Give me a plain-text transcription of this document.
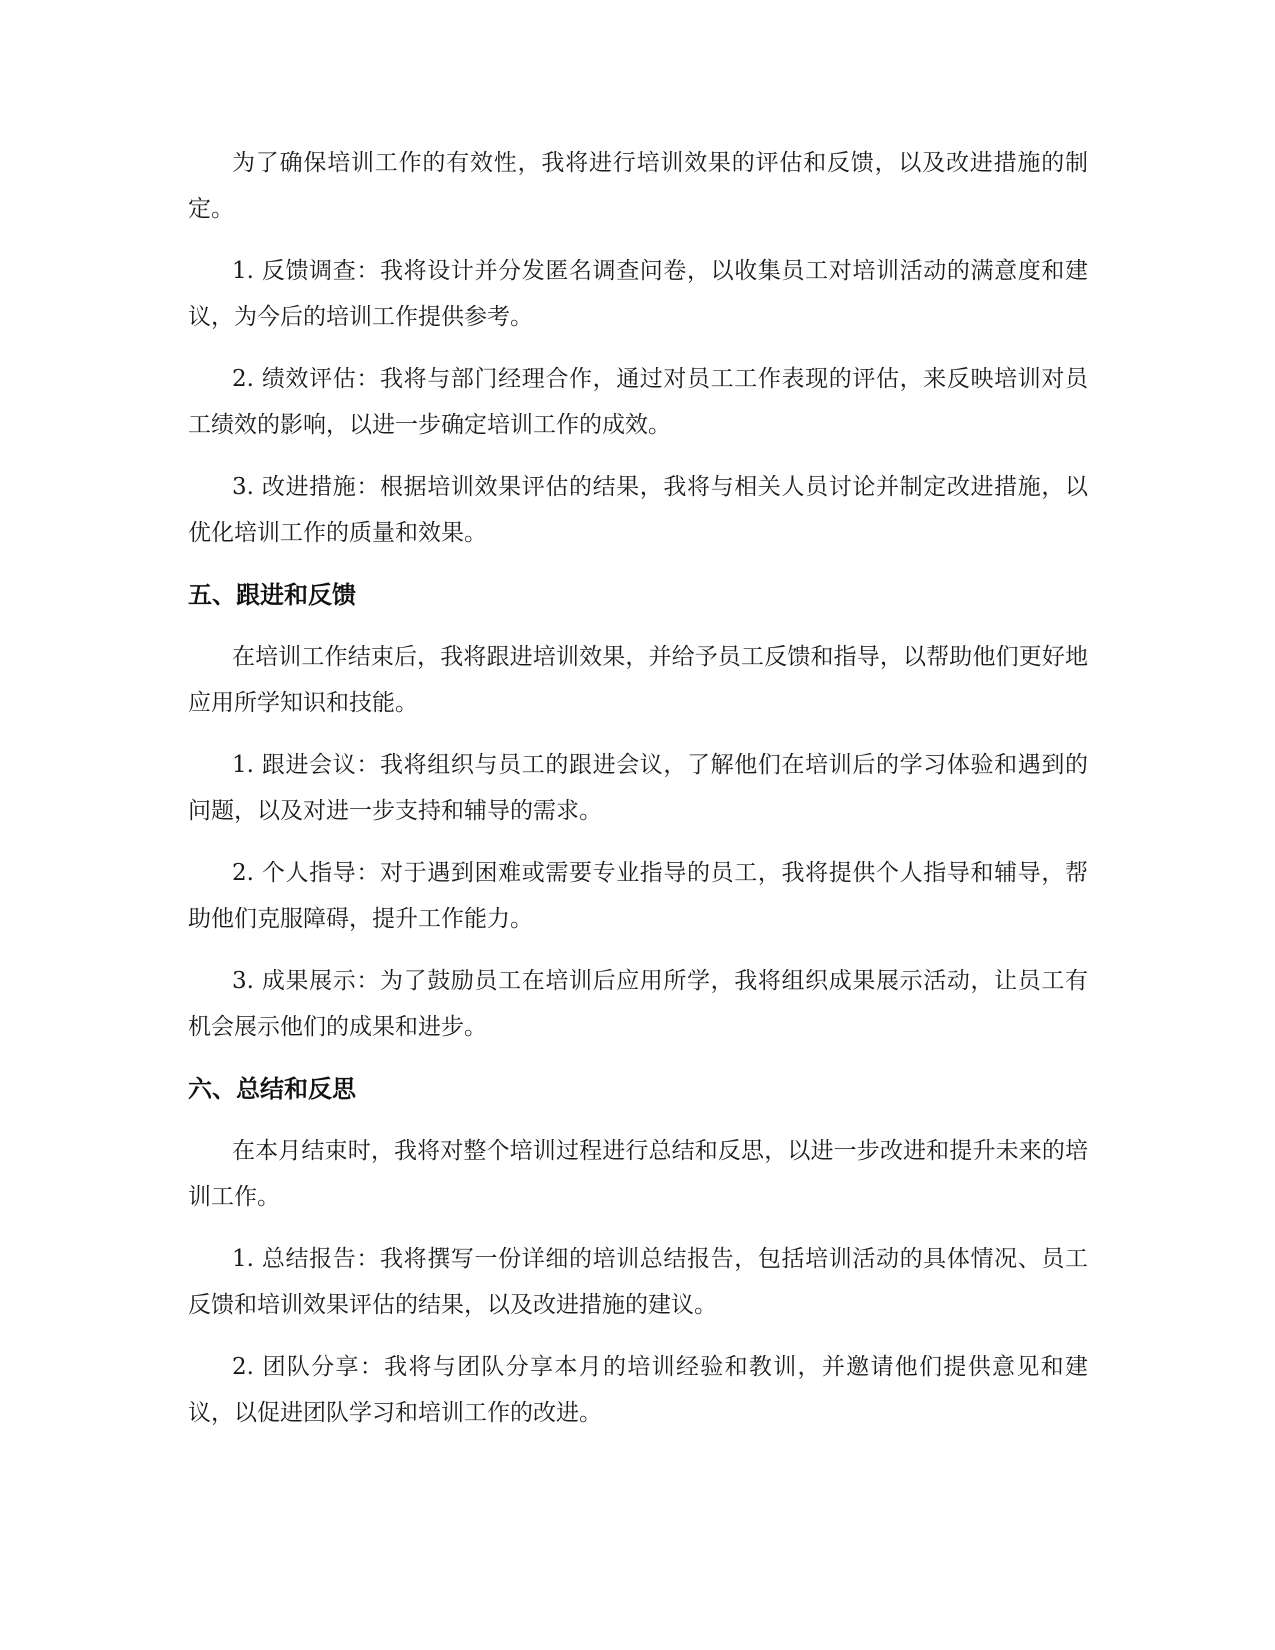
为了确保培训工作的有效性，我将进行培训效果的评估和反馈，以及改进措施的制定。

1. 反馈调查：我将设计并分发匿名调查问卷，以收集员工对培训活动的满意度和建议，为今后的培训工作提供参考。

2. 绩效评估：我将与部门经理合作，通过对员工工作表现的评估，来反映培训对员工绩效的影响，以进一步确定培训工作的成效。

3. 改进措施：根据培训效果评估的结果，我将与相关人员讨论并制定改进措施，以优化培训工作的质量和效果。

五、跟进和反馈

在培训工作结束后，我将跟进培训效果，并给予员工反馈和指导，以帮助他们更好地应用所学知识和技能。

1. 跟进会议：我将组织与员工的跟进会议，了解他们在培训后的学习体验和遇到的问题，以及对进一步支持和辅导的需求。

2. 个人指导：对于遇到困难或需要专业指导的员工，我将提供个人指导和辅导，帮助他们克服障碍，提升工作能力。

3. 成果展示：为了鼓励员工在培训后应用所学，我将组织成果展示活动，让员工有机会展示他们的成果和进步。

六、总结和反思

在本月结束时，我将对整个培训过程进行总结和反思，以进一步改进和提升未来的培训工作。

1. 总结报告：我将撰写一份详细的培训总结报告，包括培训活动的具体情况、员工反馈和培训效果评估的结果，以及改进措施的建议。

2. 团队分享：我将与团队分享本月的培训经验和教训，并邀请他们提供意见和建议，以促进团队学习和培训工作的改进。
